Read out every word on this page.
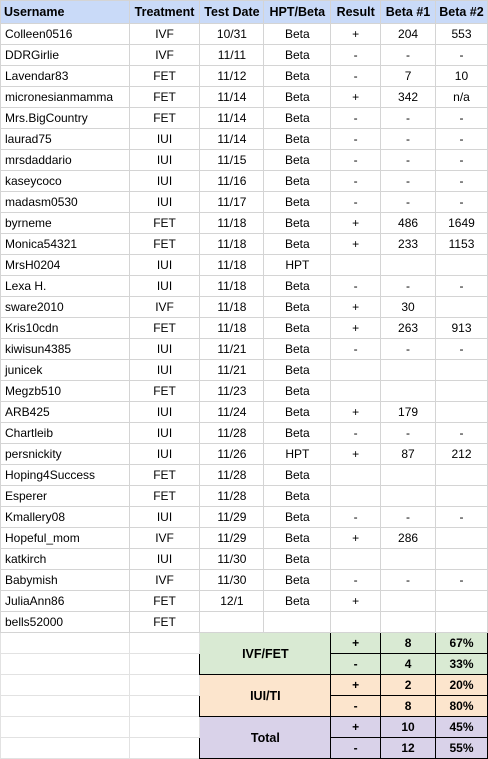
Username	Treatment	Test Date	HPT/Beta	Result	Beta #1	Beta #2
Colleen0516	IVF	10/31	Beta	+	204	553
DDRGirlie	IVF	11/11	Beta	-	-	-
Lavendar83	FET	11/12	Beta	-	7	10
micronesianmamma	FET	11/14	Beta	+	342	n/a
Mrs.BigCountry	FET	11/14	Beta	-	-	-
laurad75	IUI	11/14	Beta	-	-	-
mrsdaddario	IUI	11/15	Beta	-	-	-
kaseycoco	IUI	11/16	Beta	-	-	-
madasm0530	IUI	11/17	Beta	-	-	-
byrneme	FET	11/18	Beta	+	486	1649
Monica54321	FET	11/18	Beta	+	233	1153
MrsH0204	IUI	11/18	HPT			
Lexa H.	IUI	11/18	Beta	-	-	-
sware2010	IVF	11/18	Beta	+	30	
Kris10cdn	FET	11/18	Beta	+	263	913
kiwisun4385	IUI	11/21	Beta	-	-	-
junicek	IUI	11/21	Beta			
Megzb510	FET	11/23	Beta			
ARB425	IUI	11/24	Beta	+	179	
Chartleib	IUI	11/28	Beta	-	-	-
persnickity	IUI	11/26	HPT	+	87	212
Hoping4Success	FET	11/28	Beta			
Esperer	FET	11/28	Beta			
Kmallery08	IUI	11/29	Beta	-	-	-
Hopeful_mom	IVF	11/29	Beta	+	286	
katkirch	IUI	11/30	Beta			
Babymish	IVF	11/30	Beta	-	-	-
JuliaAnn86	FET	12/1	Beta	+		
bells52000	FET					
		IVF/FET		+	8	67%
				-	4	33%
		IUI/TI		+	2	20%
				-	8	80%
		Total		+	10	45%
				-	12	55%
